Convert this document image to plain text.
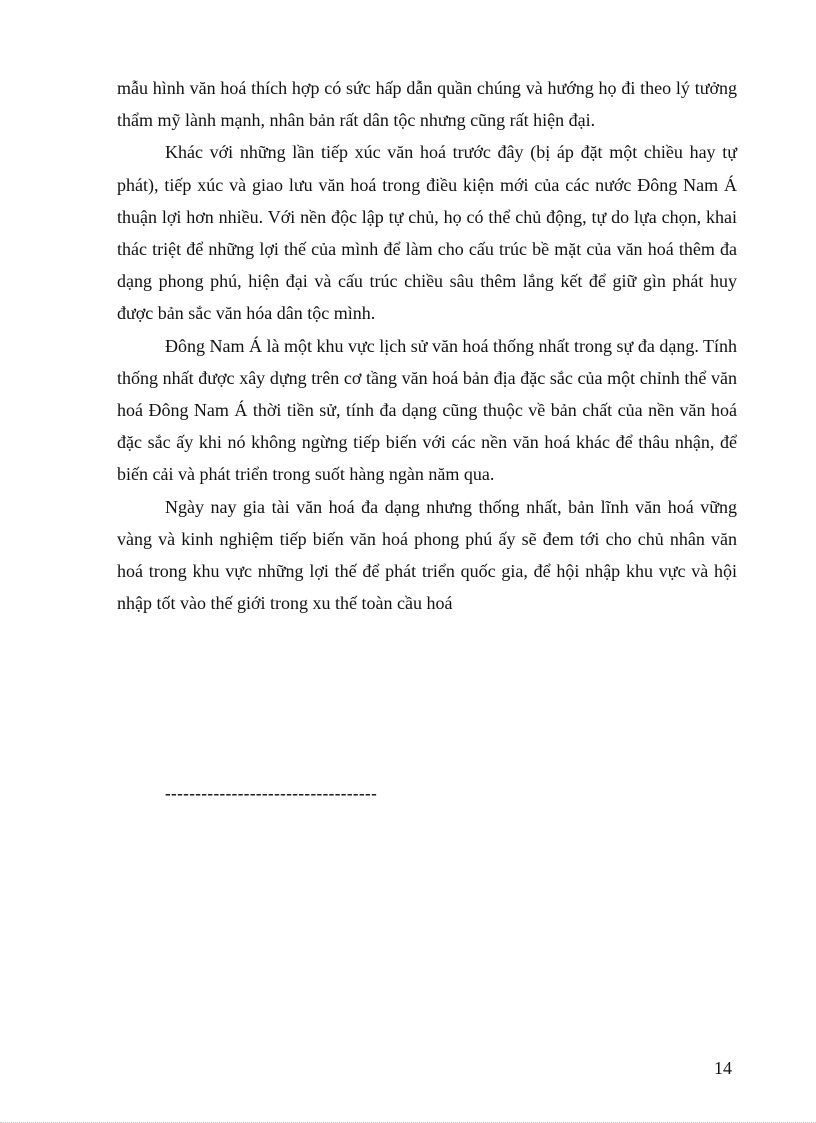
mẫu hình văn hoá thích hợp có sức hấp dẫn quần chúng và hướng họ đi theo lý tưởng thẩm mỹ lành mạnh, nhân bản rất dân tộc nhưng cũng rất hiện đại.

Khác với những lần tiếp xúc văn hoá trước đây (bị áp đặt một chiều hay tự phát), tiếp xúc và giao lưu văn hoá trong điều kiện mới của các nước Đông Nam Á thuận lợi hơn nhiều. Với nền độc lập tự chủ, họ có thể chủ động, tự do lựa chọn, khai thác triệt để những lợi thế của mình để làm cho cấu trúc bề mặt của văn hoá thêm đa dạng phong phú, hiện đại và cấu trúc chiều sâu thêm lắng kết để giữ gìn phát huy được bản sắc văn hóa dân tộc mình.

Đông Nam Á là một khu vực lịch sử văn hoá thống nhất trong sự đa dạng. Tính thống nhất được xây dựng trên cơ tầng văn hoá bản địa đặc sắc của một chỉnh thể văn hoá Đông Nam Á thời tiền sử, tính đa dạng cũng thuộc về bản chất của nền văn hoá đặc sắc ấy khi nó không ngừng tiếp biến với các nền văn hoá khác để thâu nhận, để biến cải và phát triển trong suốt hàng ngàn năm qua.

Ngày nay gia tài văn hoá đa dạng nhưng thống nhất, bản lĩnh văn hoá vững vàng và kinh nghiệm tiếp biến văn hoá phong phú ấy sẽ đem tới cho chủ nhân văn hoá trong khu vực những lợi thế để phát triển quốc gia, để hội nhập khu vực và hội nhập tốt vào thế giới trong xu thế toàn cầu hoá

-----------------------------------
14
